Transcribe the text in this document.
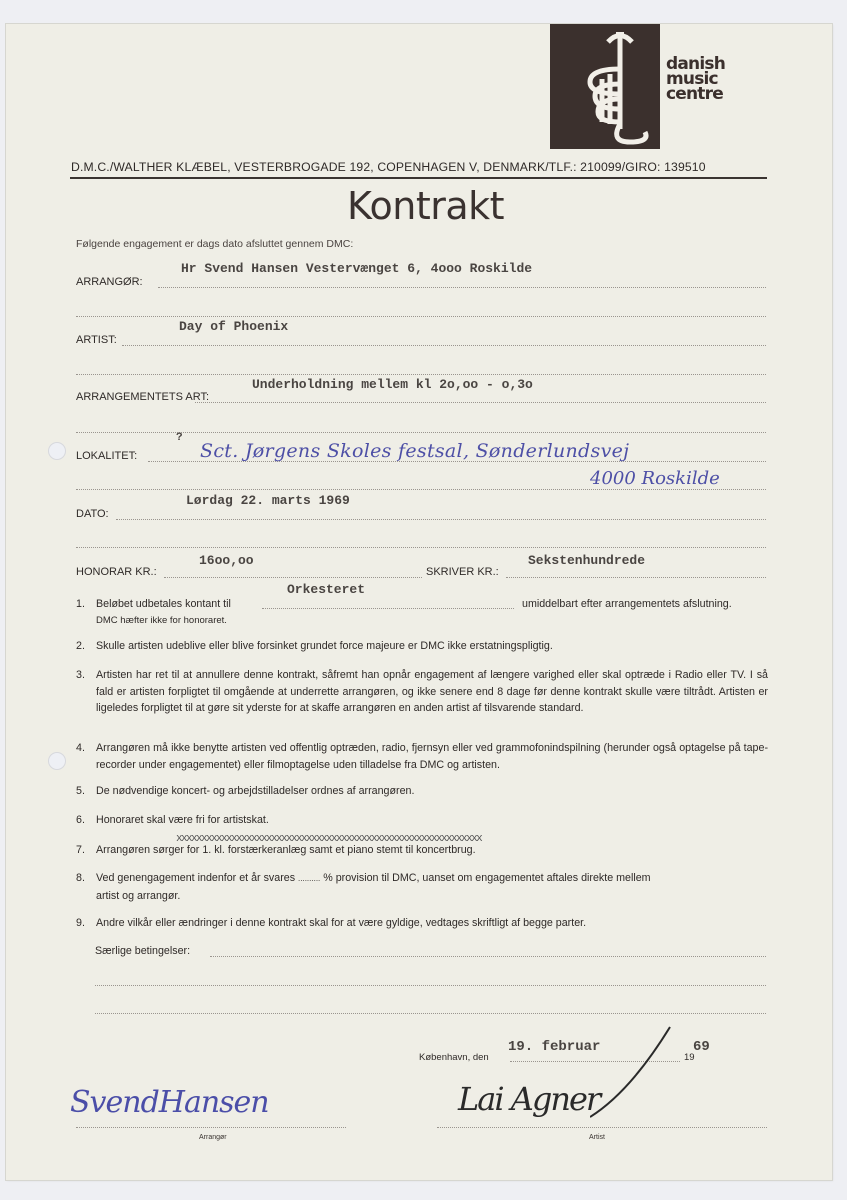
danish
music
centre
D.M.C./WALTHER KLÆBEL, VESTERBROGADE 192, COPENHAGEN V, DENMARK/TLF.: 210099/GIRO: 139510
Kontrakt
Følgende engagement er dags dato afsluttet gennem DMC:
ARRANGØR:
Hr Svend Hansen Vestervænget 6, 4ooo Roskilde
ARTIST:
Day of Phoenix
ARRANGEMENTETS ART:
Underholdning mellem kl 2o,oo - o,3o
LOKALITET:
?
Sct. Jørgens Skoles festsal, Sønderlundsvej
4000 Roskilde
DATO:
Lørdag 22. marts 1969
HONORAR KR.:
16oo,oo
SKRIVER KR.:
Sekstenhundrede
1.	Beløbet udbetales kontant til	umiddelbart efter arrangementets afslutning.
DMC hæfter ikke for honoraret.
Orkesteret
2.	Skulle artisten udeblive eller blive forsinket grundet force majeure er DMC ikke erstatningspligtig.
3.	Artisten har ret til at annullere denne kontrakt, såfremt han opnår engagement af længere varighed eller skal optræde i Radio eller TV. I så fald er artisten forpligtet til omgående at underrette arrangøren, og ikke senere end 8 dage før denne kontrakt skulle være tiltrådt. Artisten er ligeledes forpligtet til at gøre sit yderste for at skaffe arrangøren en anden artist af tilsvarende standard.
4.	Arrangøren må ikke benytte artisten ved offentlig optræden, radio, fjernsyn eller ved grammofonindspilning (herunder også optagelse på tape-recorder under engagementet) eller filmoptagelse uden tilladelse fra DMC og artisten.
5.	De nødvendige koncert- og arbejdstilladelser ordnes af arrangøren.
6.	Honoraret skal være fri for artistskat.
7.	Arrangøren sørger for 1. kl. forstærkeranlæg samt et piano stemt til koncertbrug.
xxxxxxxxxxxxxxxxxxxxxxxxxxxxxxxxxxxxxxxxxxxxxxxxxxxxxxxxxxxxx
8.	Ved genengagement indenfor et år svares .......... % provision til DMC, uanset om engagementet aftales direkte mellem
artist og arrangør.
9.	Andre vilkår eller ændringer i denne kontrakt skal for at være gyldige, vedtages skriftligt af begge parter.
Særlige betingelser:
19. februar
København, den	19
69
SvendHansen
Arrangør
Lai Agner
Artist
